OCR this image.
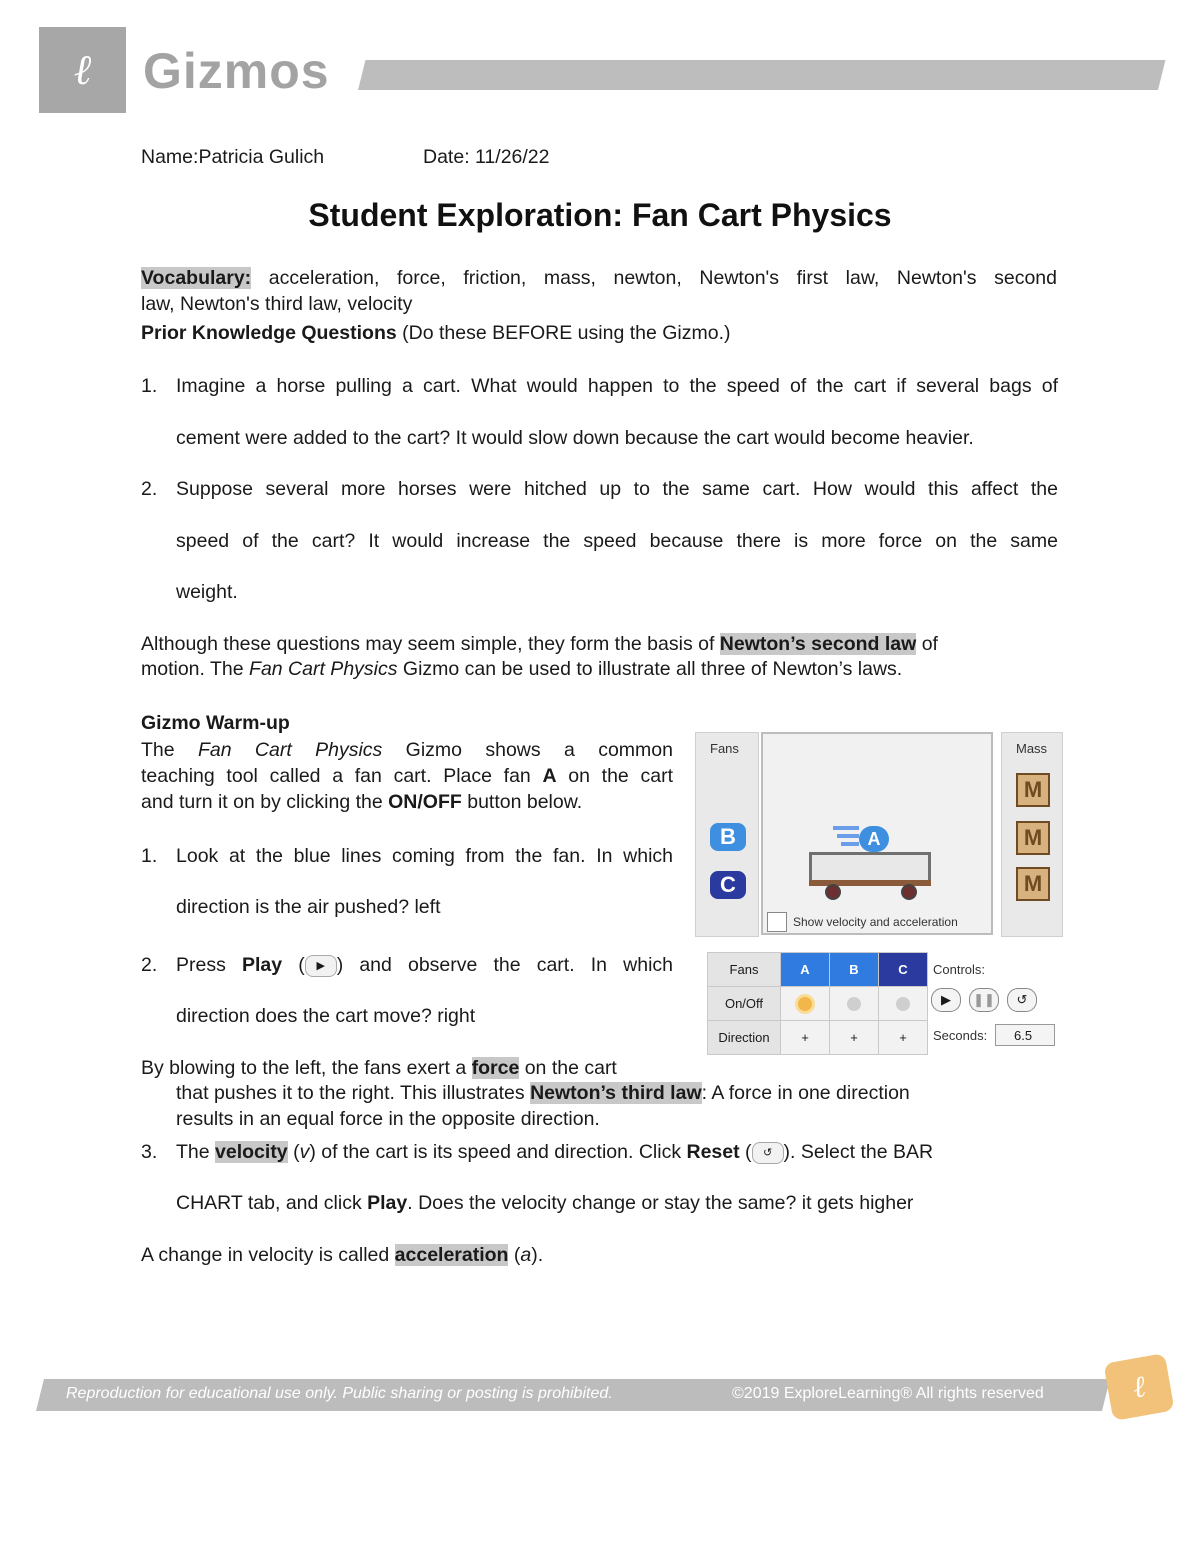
ℓ	Gizmos
Name:Patricia Gulich	Date: 11/26/22
Student Exploration: Fan Cart Physics
Vocabulary: acceleration, force, friction, mass, newton, Newton's first law, Newton's second
law, Newton's third law, velocity
Prior Knowledge Questions (Do these BEFORE using the Gizmo.)
1. Imagine a horse pulling a cart. What would happen to the speed of the cart if several bags of
cement were added to the cart? It would slow down because the cart would become heavier.
2. Suppose several more horses were hitched up to the same cart. How would this affect the
speed of the cart? It would increase the speed because there is more force on the same
weight.
Although these questions may seem simple, they form the basis of Newton’s second law of
motion. The Fan Cart Physics Gizmo can be used to illustrate all three of Newton’s laws.
Gizmo Warm-up
The Fan Cart Physics Gizmo shows a common
teaching tool called a fan cart. Place fan A on the cart
and turn it on by clicking the ON/OFF button below.
1. Look at the blue lines coming from the fan. In which
direction is the air pushed? left
2. Press Play ( ▶ ) and observe the cart. In which
direction does the cart move? right
By blowing to the left, the fans exert a force on the cart
that pushes it to the right. This illustrates Newton’s third law: A force in one direction
results in an equal force in the opposite direction.
3. The velocity (v) of the cart is its speed and direction. Click Reset ( ↺ ). Select the BAR
CHART tab, and click Play. Does the velocity change or stay the same? it gets higher
A change in velocity is called acceleration (a).
Fans
B
C
A
Show velocity and acceleration
Mass
M
M
M
Fans	A	B	C
On/Off			
Direction	+	+	+
Controls:
▶	❚❚	↺
Seconds:	6.5
Reproduction for educational use only. Public sharing or posting is prohibited.	©2019 ExploreLearning® All rights reserved	ℓ
